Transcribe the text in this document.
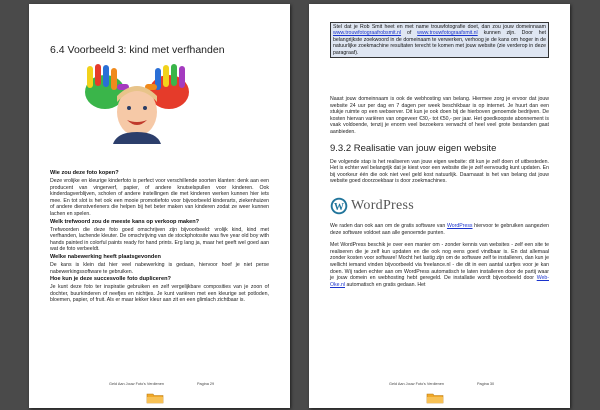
6.4 Voorbeeld 3: kind met verfhanden

Wie zou deze foto kopen?

Deze vrolijke en kleurige kinderfoto is perfect voor verschillende soorten klanten: denk aan een producent van vingerverf, papier, of andere knutselspullen voor kinderen. Ook kinderdagverblijven, scholen of andere instellingen die met kinderen werken kunnen hier iets mee. En tot slot is het ook een mooie promotiefoto voor bijvoorbeeld kinderarts, ziekenhuizen of andere dienstverleners die helpen bij het beter maken van kinderen zodat ze weer kunnen lachen en spelen.

Welk trefwoord zou de meeste kans op verkoop maken?

Trefwoorden die deze foto goed omschrijven zijn bijvoorbeeld: vrolijk kind, kind met verfhanden, lachende kleuter. De omschrijving van de stockphotosite was five year old boy with hands painted in colorful paints ready for hand prints. Erg lang ja, maar het geeft wel goed aan wat de foto verbeeldt.

Welke nabewerking heeft plaatsgevonden

De kans is klein dat hier veel nabewerking is gedaan, hiervoor hoef je niet perse nabewerkingssoftware te gebruiken.

Hoe kun je deze succesvolle foto dupliceren?

Je kunt deze foto ter inspiratie gebruiken en zelf vergelijkbare composities van je zoon of dochter, buurkinderen of neefjes en nichtjes. Je kunt variëren met een kleurige set potloden, bloemen, papier, of fruit. Als er maar lekker kleur aan zit en een glimlach zichtbaar is.

Geld Aan Jouw Foto's Verdienen	Pagina 29
Stel dat je Rob Smit heet en met name trouwfotografie doet, dan zou jouw domeinnaam www.trouwfotograafrobsmit.nl of www.trouwfotograafsmit.nl kunnen zijn. Door het belangrijkste zoekwoord in de domeinaam te verwerken, verhoog je de kans om hoger in de natuurlijke zoekmachine resultaten terecht te komen met jouw website (zie verderop in deze paragraaf).

Naast jouw domeinnaam is ook de webhosting van belang. Hiermee zorg je ervoor dat jouw website 24 uur per dag en 7 dagen per week beschikbaar is op internet. Je huurt dan een stukje ruimte op een webserver. Dit kun je ook doen bij de hierboven genoemde bedrijven. De kosten hiervan variëren van ongeveer €30,- tot €50,- per jaar. Het goedkoopste abonnement is vaak voldoende, tenzij je enorm veel bezoekers verwacht of heel veel grote bestanden gaat aanbieden.

9.3.2 Realisatie van jouw eigen website

De volgende stap is het realiseren van jouw eigen website: dit kun je zelf doen of uitbesteden. Het is echter wel belangrijk dat je kiest voor een website die je zelf eenvoudig kunt updaten. En bij voorkeur één die ook niet veel geld kost natuurlijk. Daarnaast is het van belang dat jouw website goed doorzoekbaar is door zoekmachines.

W WordPress

We raden dan ook aan om de gratis software van WordPress hiervoor te gebruiken aangezien deze software voldoet aan alle genoemde punten.

Met WordPress beschik je over een manier om - zonder kennis van websites - zelf een site te realiseren die je zelf kun updaten en die ook nog eens goed vindbaar is. En dat allemaal zonder kosten voor software! Mocht het lastig zijn om de software zelf te installeren, dan kun je wellicht iemand vinden bijvoorbeeld via freelance.nl - die dit in een aantal uurtjes voor je kan doen. Wij raden echter aan om WordPress automatisch te laten installeren door de partij waar je jouw domein en webhosting hebt geregeld. De installatie wordt bijvoorbeeld door Web-Oke.nl automatisch en gratis gedaan. Het

Geld Aan Jouw Foto's Verdienen	Pagina 30
